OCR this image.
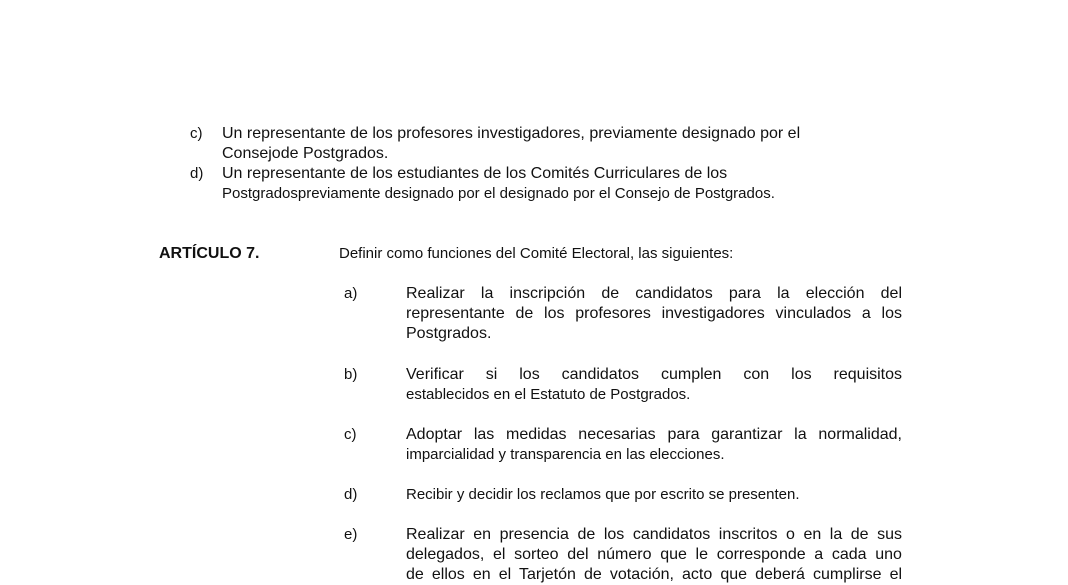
c) Un representante de los profesores investigadores, previamente designado por el
Consejode Postgrados.
d) Un representante de los estudiantes de los Comités Curriculares de los
Postgradospreviamente designado por el designado por el Consejo de Postgrados.
ARTÍCULO 7.	Definir como funciones del Comité Electoral, las siguientes:
a)	Realizar la inscripción de candidatos para la elección del
representante de los profesores investigadores vinculados a los
Postgrados.
b)	Verificar si los candidatos cumplen con los requisitos
establecidos en el Estatuto de Postgrados.
c)	Adoptar las medidas necesarias para garantizar la normalidad,
imparcialidad y transparencia en las elecciones.
d)	Recibir y decidir los reclamos que por escrito se presenten.
e)	Realizar en presencia de los candidatos inscritos o en la de sus
delegados, el sorteo del número que le corresponde a cada uno
de ellos en el Tarjetón de votación, acto que deberá cumplirse el
